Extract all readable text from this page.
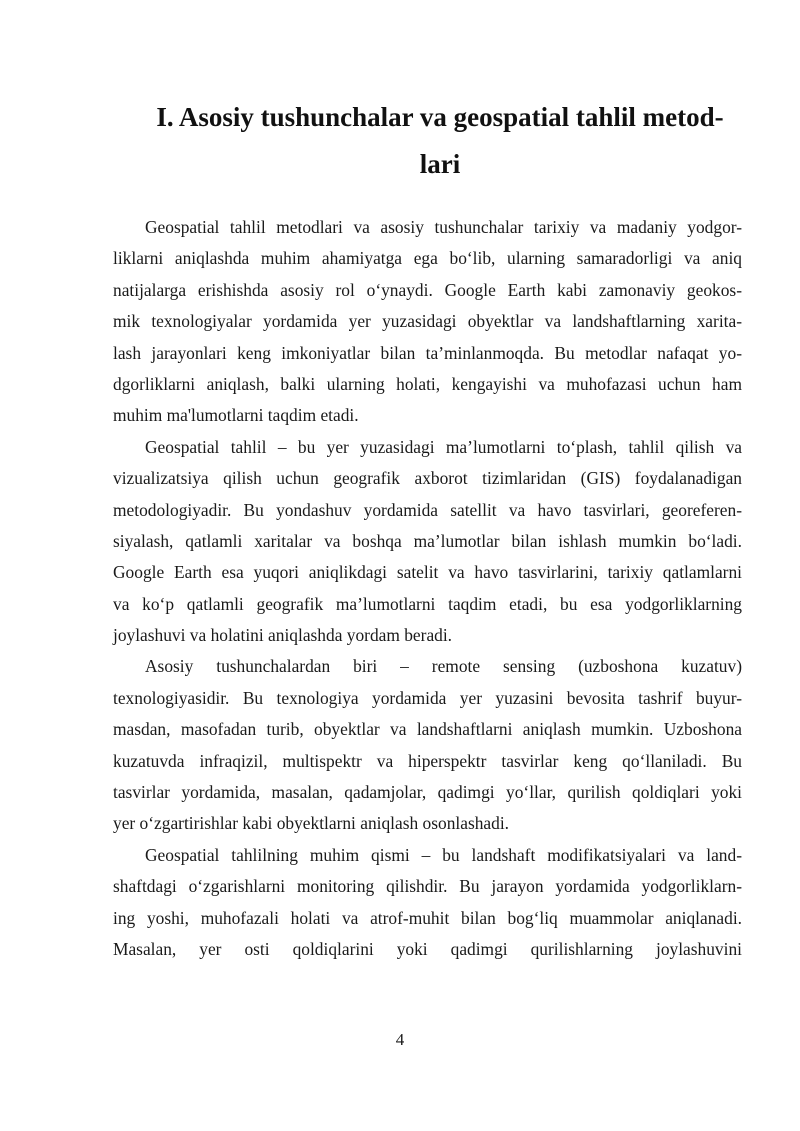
I. Asosiy tushunchalar va geospatial tahlil metod-
lari
Geospatial tahlil metodlari va asosiy tushunchalar tarixiy va madaniy yodgor-
liklarni aniqlashda muhim ahamiyatga ega bo‘lib, ularning samaradorligi va aniq
natijalarga erishishda asosiy rol o‘ynaydi. Google Earth kabi zamonaviy geokos-
mik texnologiyalar yordamida yer yuzasidagi obyektlar va landshaftlarning xarita-
lash jarayonlari keng imkoniyatlar bilan ta’minlanmoqda. Bu metodlar nafaqat yo-
dgorliklarni aniqlash, balki ularning holati, kengayishi va muhofazasi uchun ham
muhim ma'lumotlarni taqdim etadi.
Geospatial tahlil – bu yer yuzasidagi ma’lumotlarni to‘plash, tahlil qilish va
vizualizatsiya qilish uchun geografik axborot tizimlaridan (GIS) foydalanadigan
metodologiyadir. Bu yondashuv yordamida satellit va havo tasvirlari, georeferen-
siyalash, qatlamli xaritalar va boshqa ma’lumotlar bilan ishlash mumkin bo‘ladi.
Google Earth esa yuqori aniqlikdagi satelit va havo tasvirlarini, tarixiy qatlamlarni
va ko‘p qatlamli geografik ma’lumotlarni taqdim etadi, bu esa yodgorliklarning
joylashuvi va holatini aniqlashda yordam beradi.
Asosiy tushunchalardan biri – remote sensing (uzboshona kuzatuv)
texnologiyasidir. Bu texnologiya yordamida yer yuzasini bevosita tashrif buyur-
masdan, masofadan turib, obyektlar va landshaftlarni aniqlash mumkin. Uzboshona
kuzatuvda infraqizil, multispektr va hiperspektr tasvirlar keng qo‘llaniladi. Bu
tasvirlar yordamida, masalan, qadamjolar, qadimgi yo‘llar, qurilish qoldiqlari yoki
yer o‘zgartirishlar kabi obyektlarni aniqlash osonlashadi.
Geospatial tahlilning muhim qismi – bu landshaft modifikatsiyalari va land-
shaftdagi o‘zgarishlarni monitoring qilishdir. Bu jarayon yordamida yodgorliklarn-
ing yoshi, muhofazali holati va atrof-muhit bilan bog‘liq muammolar aniqlanadi.
Masalan, yer osti qoldiqlarini yoki qadimgi qurilishlarning joylashuvini
4
